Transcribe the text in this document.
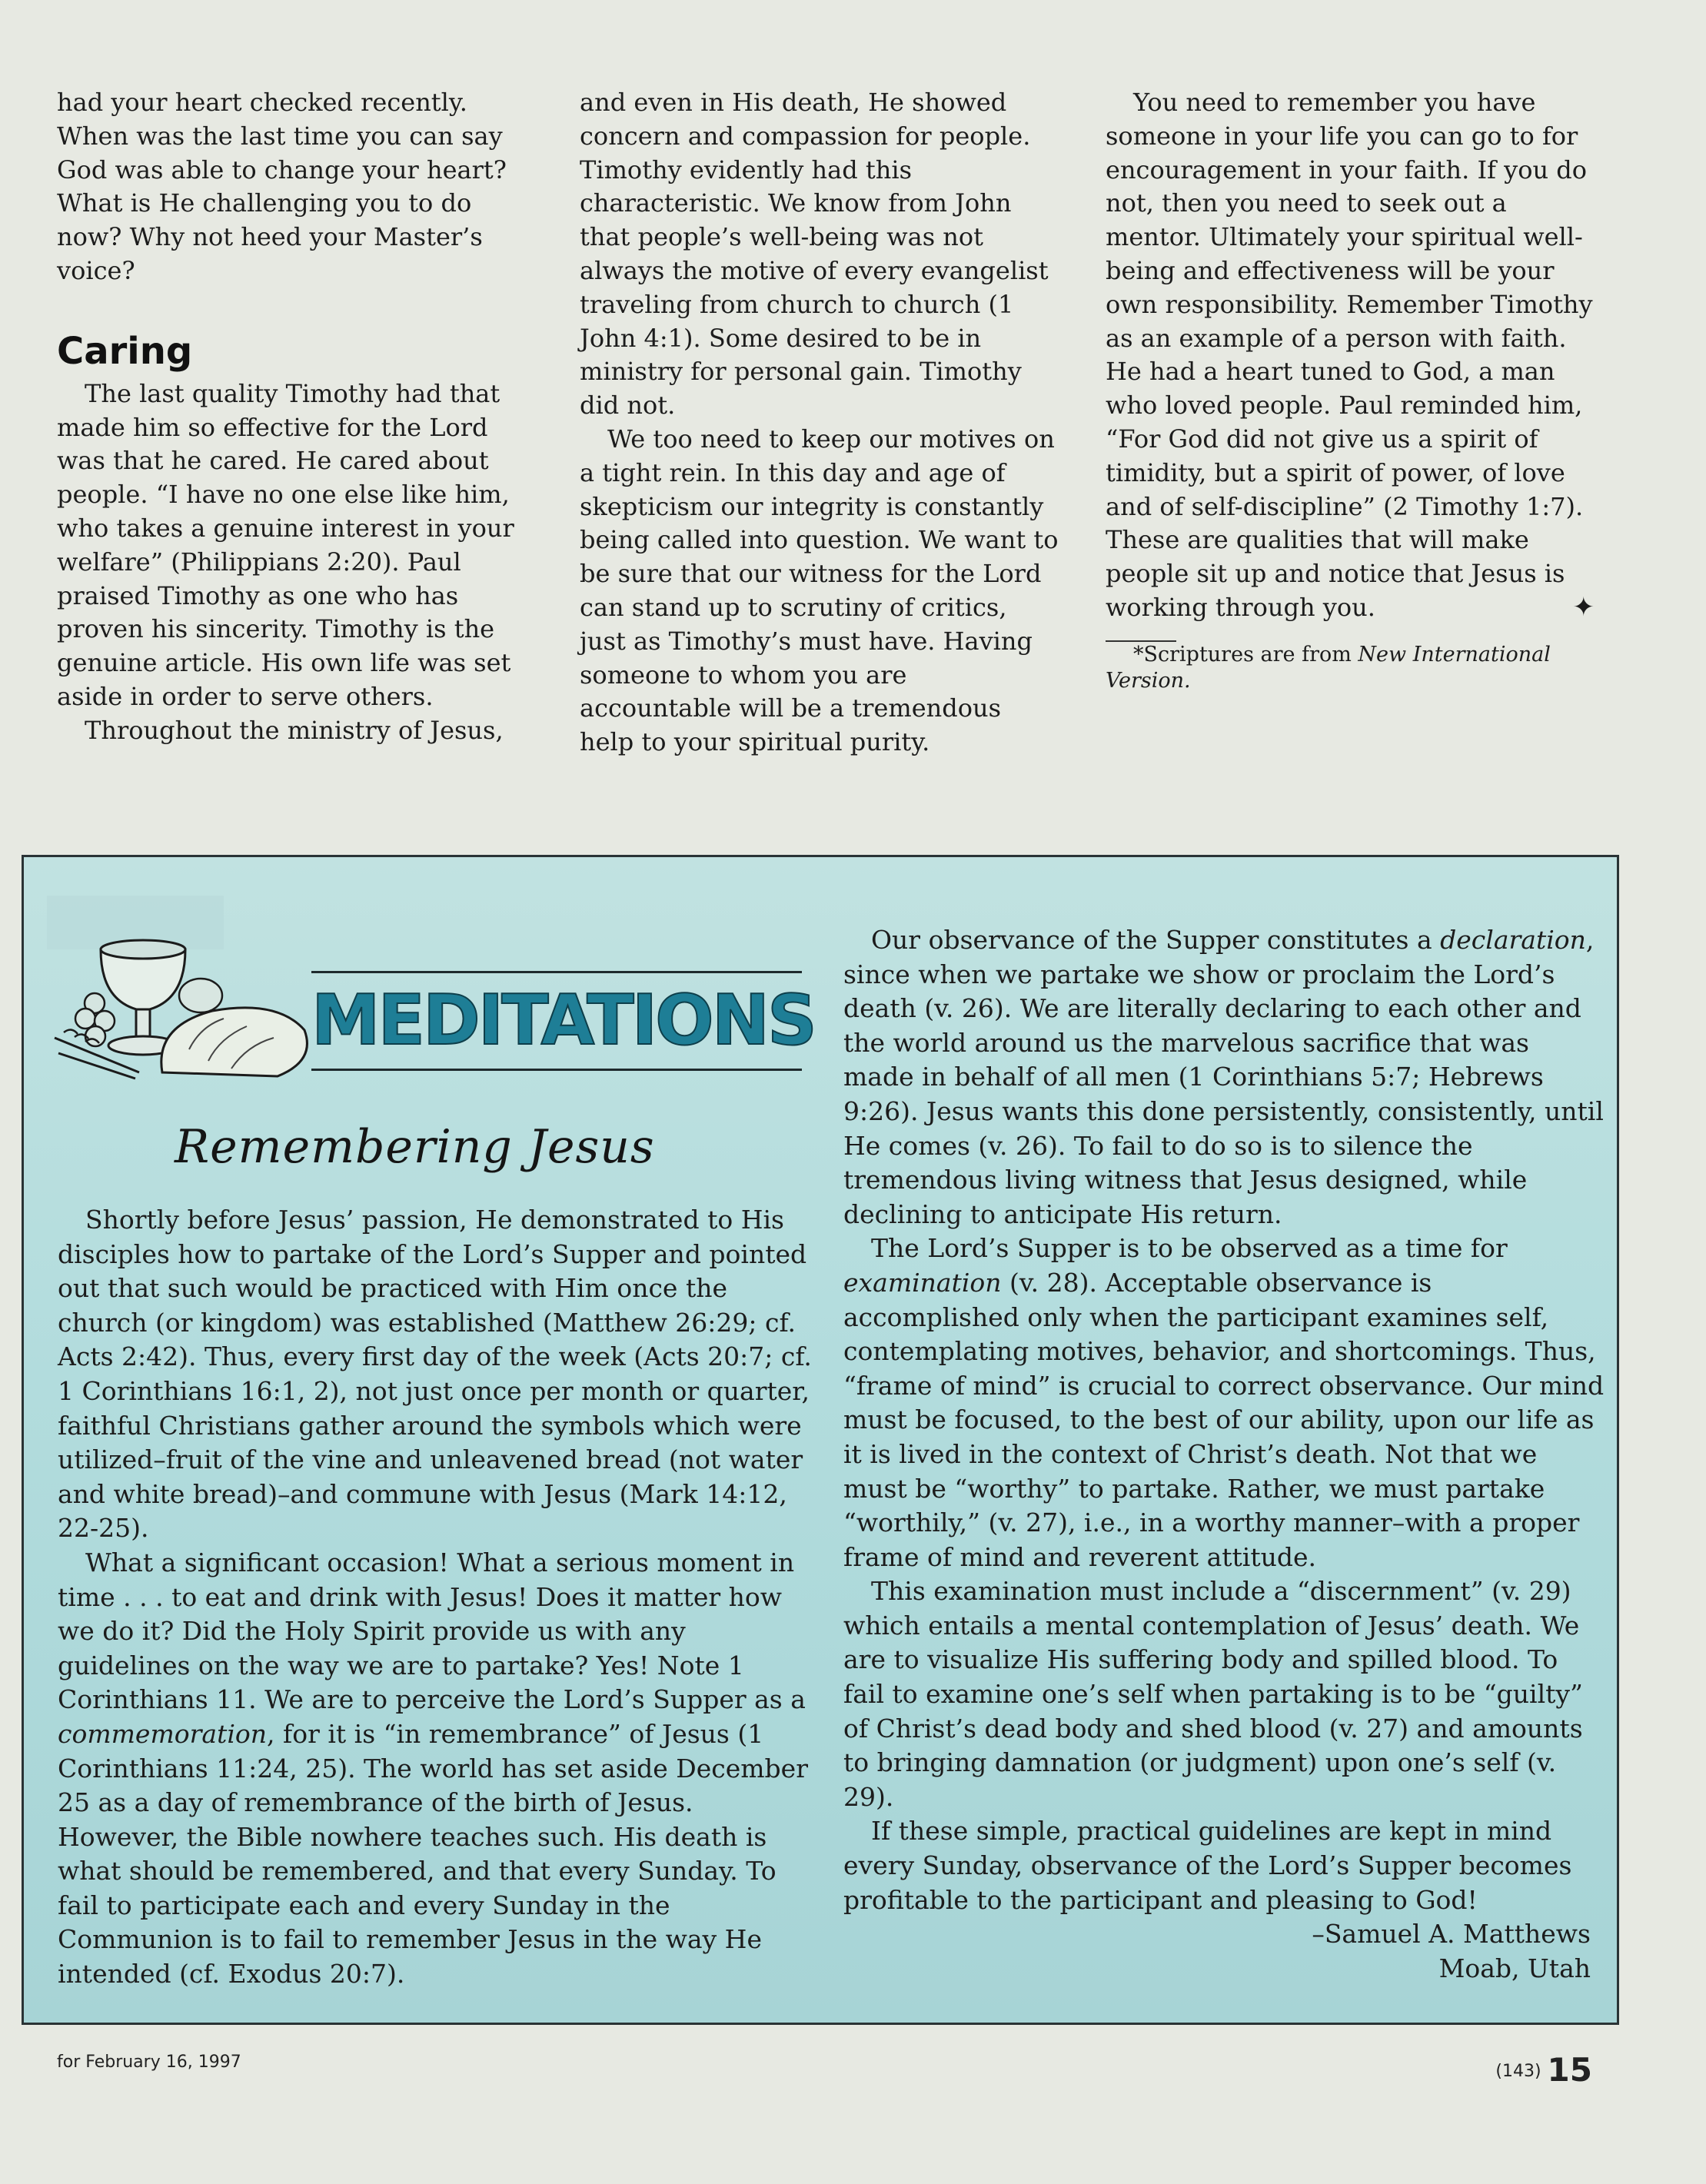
had your heart checked recently. When was the last time you can say God was able to change your heart? What is He challenging you to do now? Why not heed your Master’s voice?

Caring

The last quality Timothy had that made him so effective for the Lord was that he cared. He cared about people. “I have no one else like him, who takes a genuine interest in your welfare” (Philippians 2:20). Paul praised Timothy as one who has proven his sincerity. Timothy is the genuine article. His own life was set aside in order to serve others.

Throughout the ministry of Jesus,

and even in His death, He showed concern and compassion for people. Timothy evidently had this characteristic. We know from John that people’s well-being was not always the motive of every evangelist traveling from church to church (1 John 4:1). Some desired to be in ministry for personal gain. Timothy did not.

We too need to keep our motives on a tight rein. In this day and age of skepticism our integrity is constantly being called into question. We want to be sure that our witness for the Lord can stand up to scrutiny of critics, just as Timothy’s must have. Having someone to whom you are accountable will be a tremendous help to your spiritual purity.

You need to remember you have someone in your life you can go to for encouragement in your faith. If you do not, then you need to seek out a mentor. Ultimately your spiritual well-being and effectiveness will be your own responsibility. Remember Timothy as an example of a person with faith. He had a heart tuned to God, a man who loved people. Paul reminded him, “For God did not give us a spirit of timidity, but a spirit of power, of love and of self-discipline” (2 Timothy 1:7). These are qualities that will make people sit up and notice that Jesus is working through you.	✦

*Scriptures are from New International Version.

MEDITATIONS
Remembering Jesus

Shortly before Jesus’ passion, He demonstrated to His disciples how to partake of the Lord’s Supper and pointed out that such would be practiced with Him once the church (or kingdom) was established (Matthew 26:29; cf. Acts 2:42). Thus, every first day of the week (Acts 20:7; cf. 1 Corinthians 16:1, 2), not just once per month or quarter, faithful Christians gather around the symbols which were utilized–fruit of the vine and unleavened bread (not water and white bread)–and commune with Jesus (Mark 14:12, 22-25).

What a significant occasion! What a serious moment in time . . . to eat and drink with Jesus! Does it matter how we do it? Did the Holy Spirit provide us with any guidelines on the way we are to partake? Yes! Note 1 Corinthians 11. We are to perceive the Lord’s Supper as a commemoration, for it is “in remembrance” of Jesus (1 Corinthians 11:24, 25). The world has set aside December 25 as a day of remembrance of the birth of Jesus. However, the Bible nowhere teaches such. His death is what should be remembered, and that every Sunday. To fail to participate each and every Sunday in the Communion is to fail to remember Jesus in the way He intended (cf. Exodus 20:7).

Our observance of the Supper constitutes a declaration, since when we partake we show or proclaim the Lord’s death (v. 26). We are literally declaring to each other and the world around us the marvelous sacrifice that was made in behalf of all men (1 Corinthians 5:7; Hebrews 9:26). Jesus wants this done persistently, consistently, until He comes (v. 26). To fail to do so is to silence the tremendous living witness that Jesus designed, while declining to anticipate His return.

The Lord’s Supper is to be observed as a time for examination (v. 28). Acceptable observance is accomplished only when the participant examines self, contemplating motives, behavior, and shortcomings. Thus, “frame of mind” is crucial to correct observance. Our mind must be focused, to the best of our ability, upon our life as it is lived in the context of Christ’s death. Not that we must be “worthy” to partake. Rather, we must partake “worthily,” (v. 27), i.e., in a worthy manner–with a proper frame of mind and reverent attitude.

This examination must include a “discernment” (v. 29) which entails a mental contemplation of Jesus’ death. We are to visualize His suffering body and spilled blood. To fail to examine one’s self when partaking is to be “guilty” of Christ’s dead body and shed blood (v. 27) and amounts to bringing damnation (or judgment) upon one’s self (v. 29).

If these simple, practical guidelines are kept in mind every Sunday, observance of the Lord’s Supper becomes profitable to the participant and pleasing to God!

–Samuel A. Matthews

Moab, Utah

for February 16, 1997	(143) 15
